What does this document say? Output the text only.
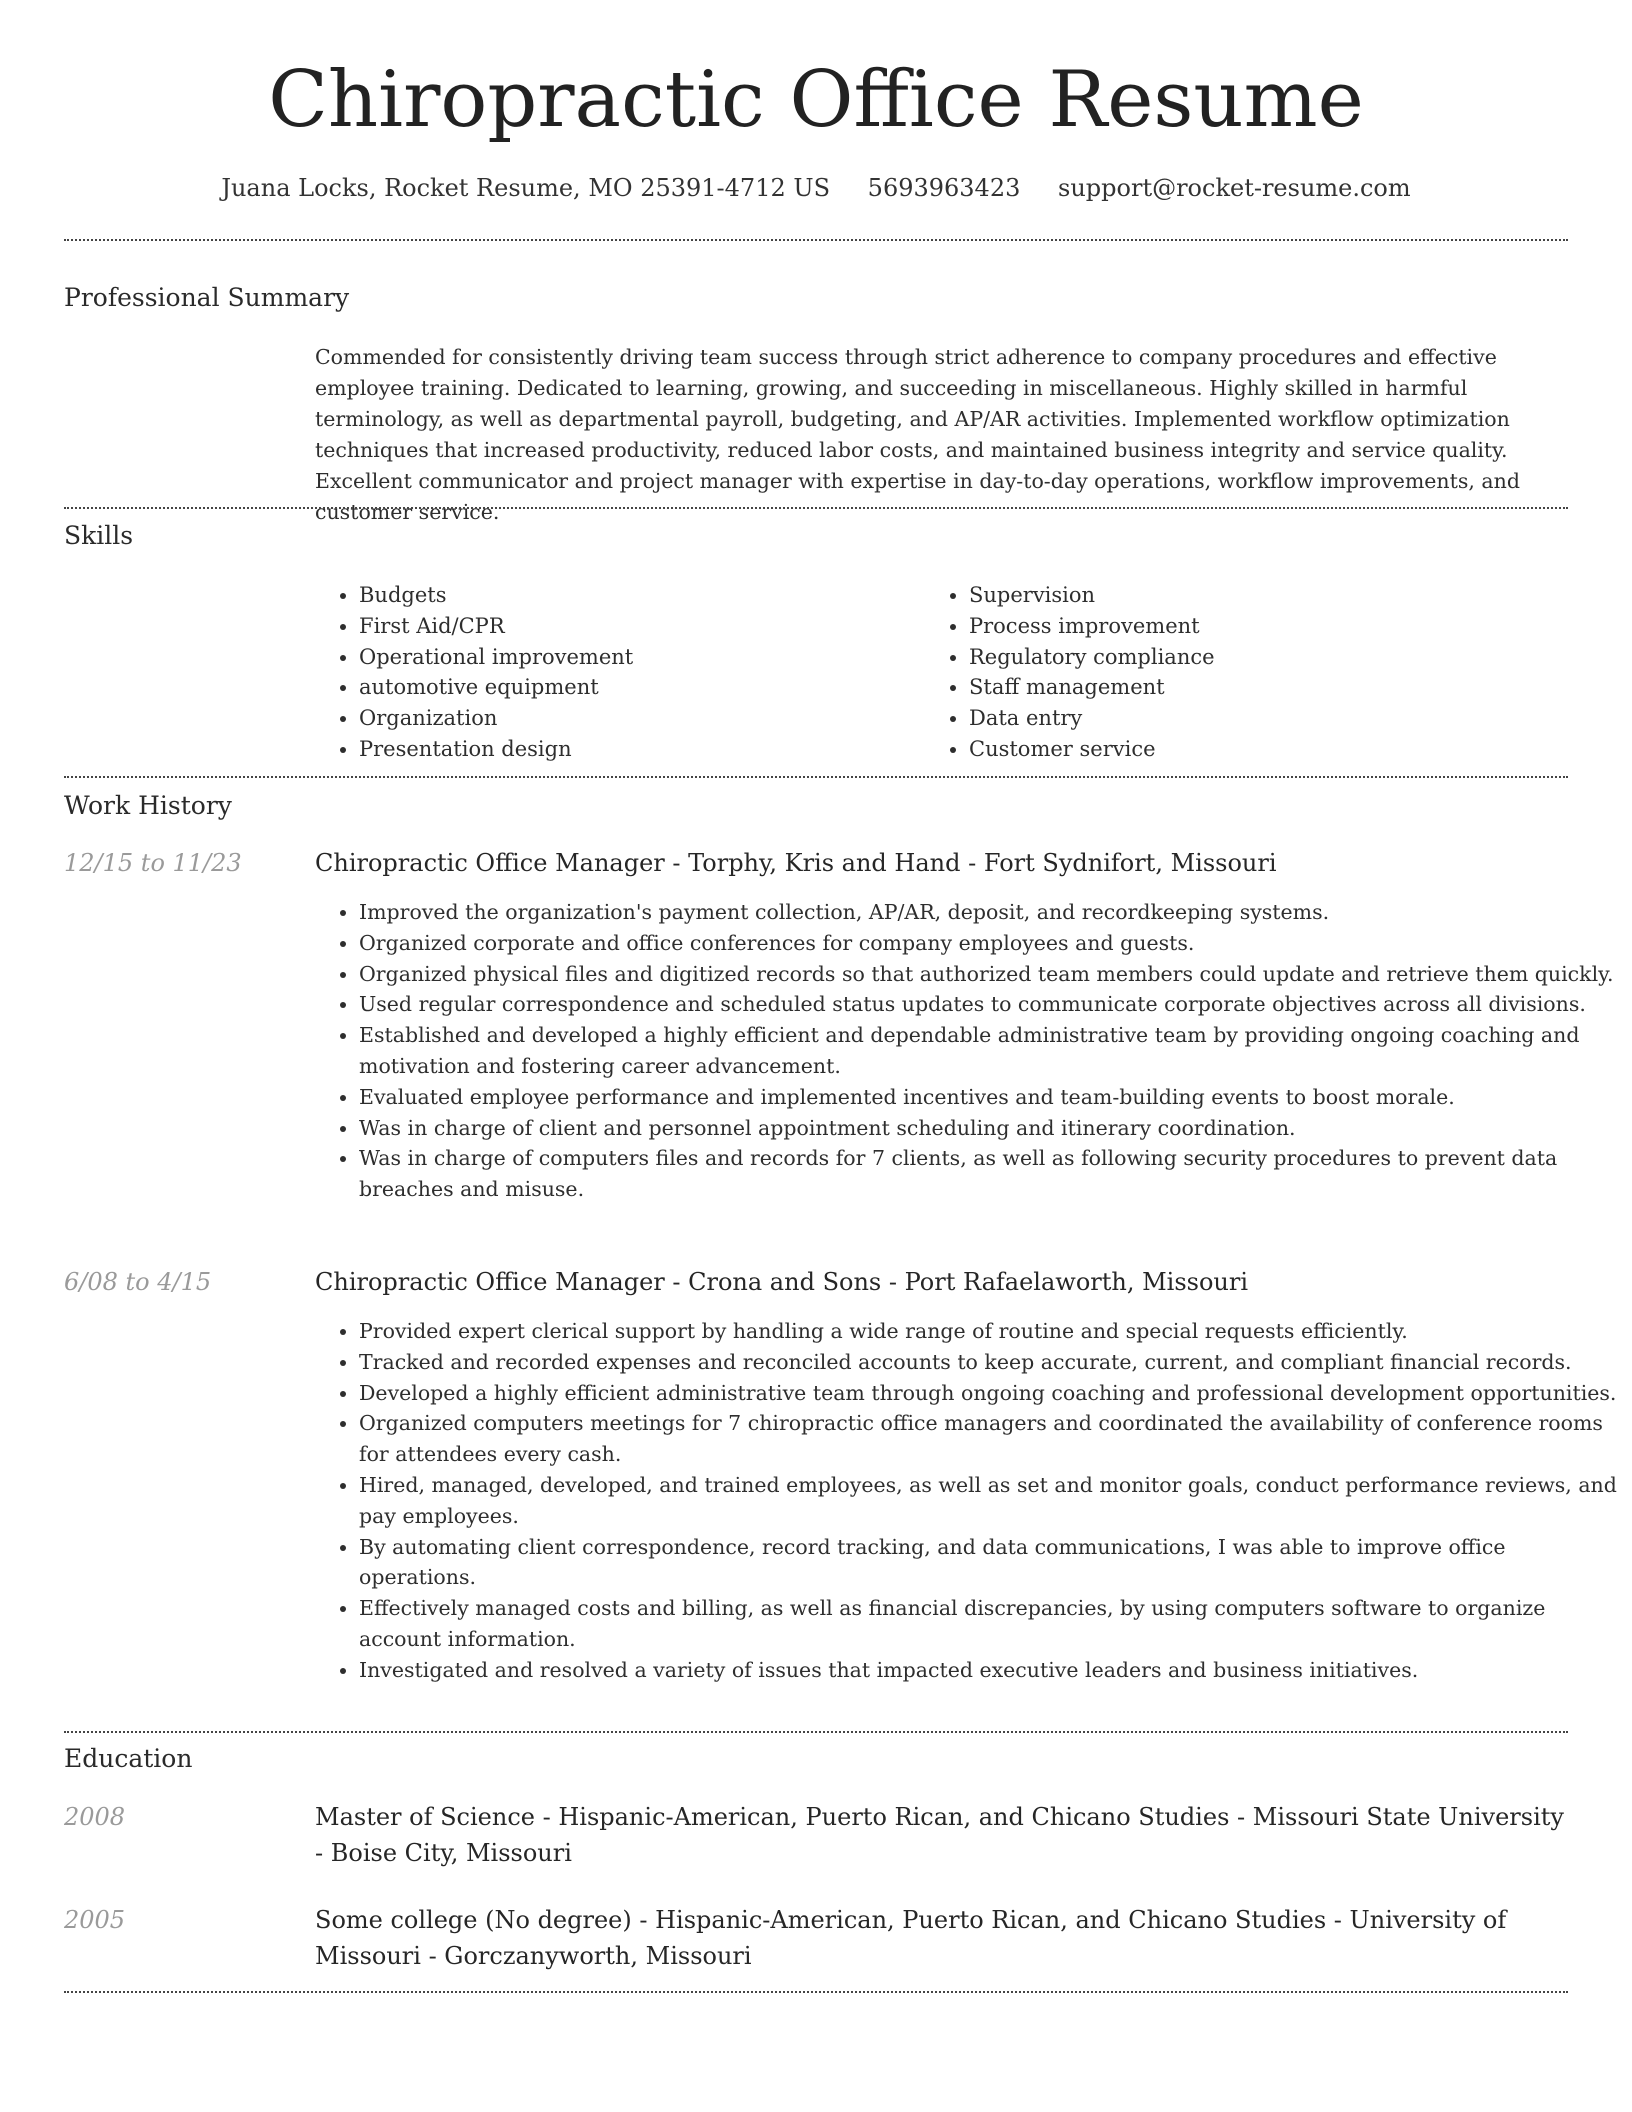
Chiropractic Office Resume
Juana Locks, Rocket Resume, MO 25391-4712 US 5693963423 support@rocket-resume.com
Professional Summary
Commended for consistently driving team success through strict adherence to company procedures and effective employee training. Dedicated to learning, growing, and succeeding in miscellaneous. Highly skilled in harmful terminology, as well as departmental payroll, budgeting, and AP/AR activities. Implemented workflow optimization techniques that increased productivity, reduced labor costs, and maintained business integrity and service quality. Excellent communicator and project manager with expertise in day-to-day operations, workflow improvements, and customer service.
Skills
• Budgets
• First Aid/CPR
• Operational improvement
• automotive equipment
• Organization
• Presentation design
• Supervision
• Process improvement
• Regulatory compliance
• Staff management
• Data entry
• Customer service
Work History
12/15 to 11/23	Chiropractic Office Manager - Torphy, Kris and Hand - Fort Sydnifort, Missouri
• Improved the organization's payment collection, AP/AR, deposit, and recordkeeping systems.
• Organized corporate and office conferences for company employees and guests.
• Organized physical files and digitized records so that authorized team members could update and retrieve them quickly.
• Used regular correspondence and scheduled status updates to communicate corporate objectives across all divisions.
• Established and developed a highly efficient and dependable administrative team by providing ongoing coaching and motivation and fostering career advancement.
• Evaluated employee performance and implemented incentives and team-building events to boost morale.
• Was in charge of client and personnel appointment scheduling and itinerary coordination.
• Was in charge of computers files and records for 7 clients, as well as following security procedures to prevent data breaches and misuse.
6/08 to 4/15	Chiropractic Office Manager - Crona and Sons - Port Rafaelaworth, Missouri
• Provided expert clerical support by handling a wide range of routine and special requests efficiently.
• Tracked and recorded expenses and reconciled accounts to keep accurate, current, and compliant financial records.
• Developed a highly efficient administrative team through ongoing coaching and professional development opportunities.
• Organized computers meetings for 7 chiropractic office managers and coordinated the availability of conference rooms for attendees every cash.
• Hired, managed, developed, and trained employees, as well as set and monitor goals, conduct performance reviews, and pay employees.
• By automating client correspondence, record tracking, and data communications, I was able to improve office operations.
• Effectively managed costs and billing, as well as financial discrepancies, by using computers software to organize account information.
• Investigated and resolved a variety of issues that impacted executive leaders and business initiatives.
Education
2008	Master of Science - Hispanic-American, Puerto Rican, and Chicano Studies - Missouri State University - Boise City, Missouri
2005	Some college (No degree) - Hispanic-American, Puerto Rican, and Chicano Studies - University of Missouri - Gorczanyworth, Missouri
